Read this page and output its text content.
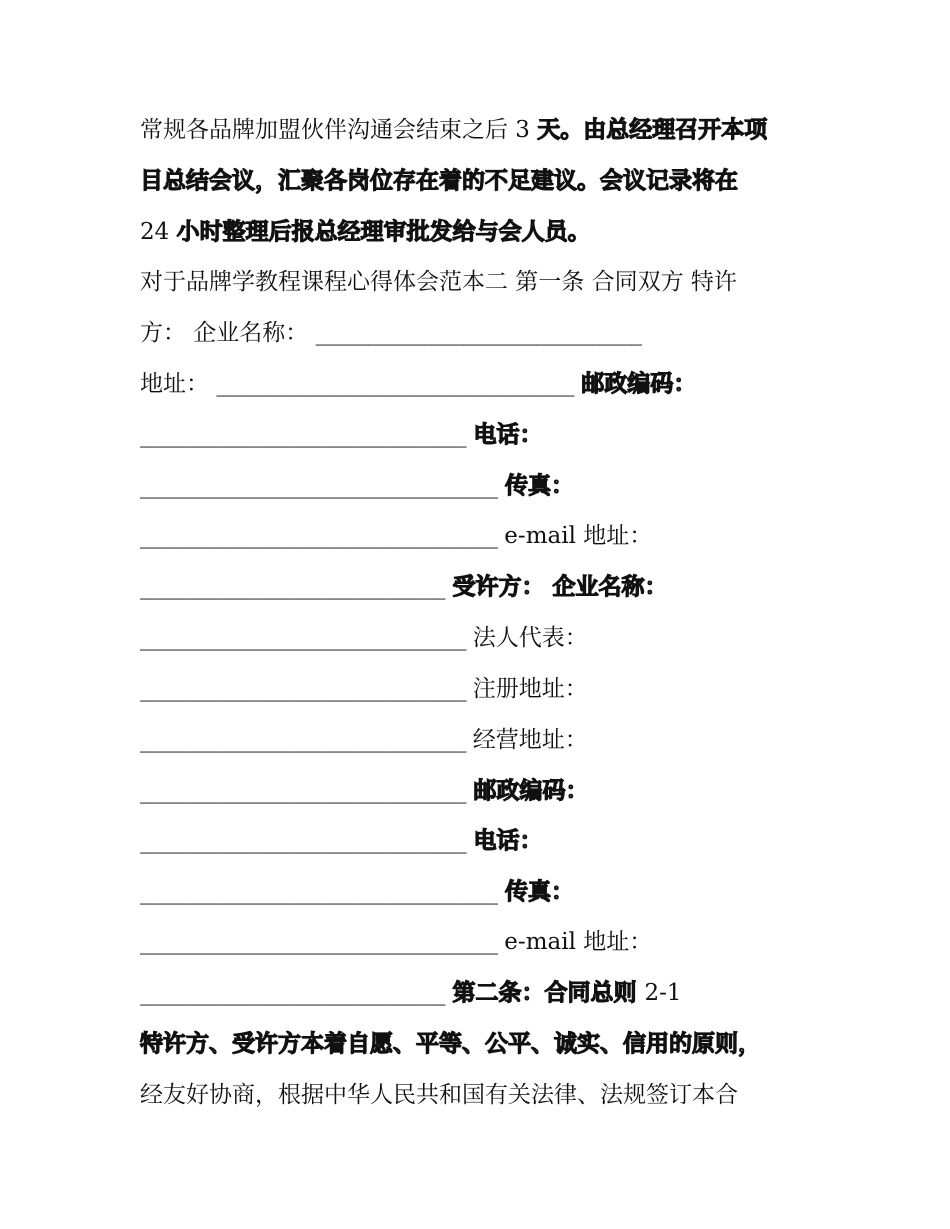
常规各品牌加盟伙伴沟通会结束之后 3 天。由总经理召开本项
目总结会议，汇聚各岗位存在着的不足建议。会议记录将在
24 小时整理后报总经理审批发给与会人员。
对于品牌学教程课程心得体会范本二 第一条 合同双方 特许
方： 企业名称： _______________________________
地址： __________________________________ 邮政编码：
_______________________________ 电话：
__________________________________ 传真：
__________________________________ e-mail 地址：
_____________________________ 受许方： 企业名称：
_______________________________ 法人代表：
_______________________________ 注册地址：
_______________________________ 经营地址：
_______________________________ 邮政编码：
_______________________________ 电话：
__________________________________ 传真：
__________________________________ e-mail 地址：
_____________________________ 第二条：合同总则 2-1
特许方、受许方本着自愿、平等、公平、诚实、信用的原则，
经友好协商，根据中华人民共和国有关法律、法规签订本合
